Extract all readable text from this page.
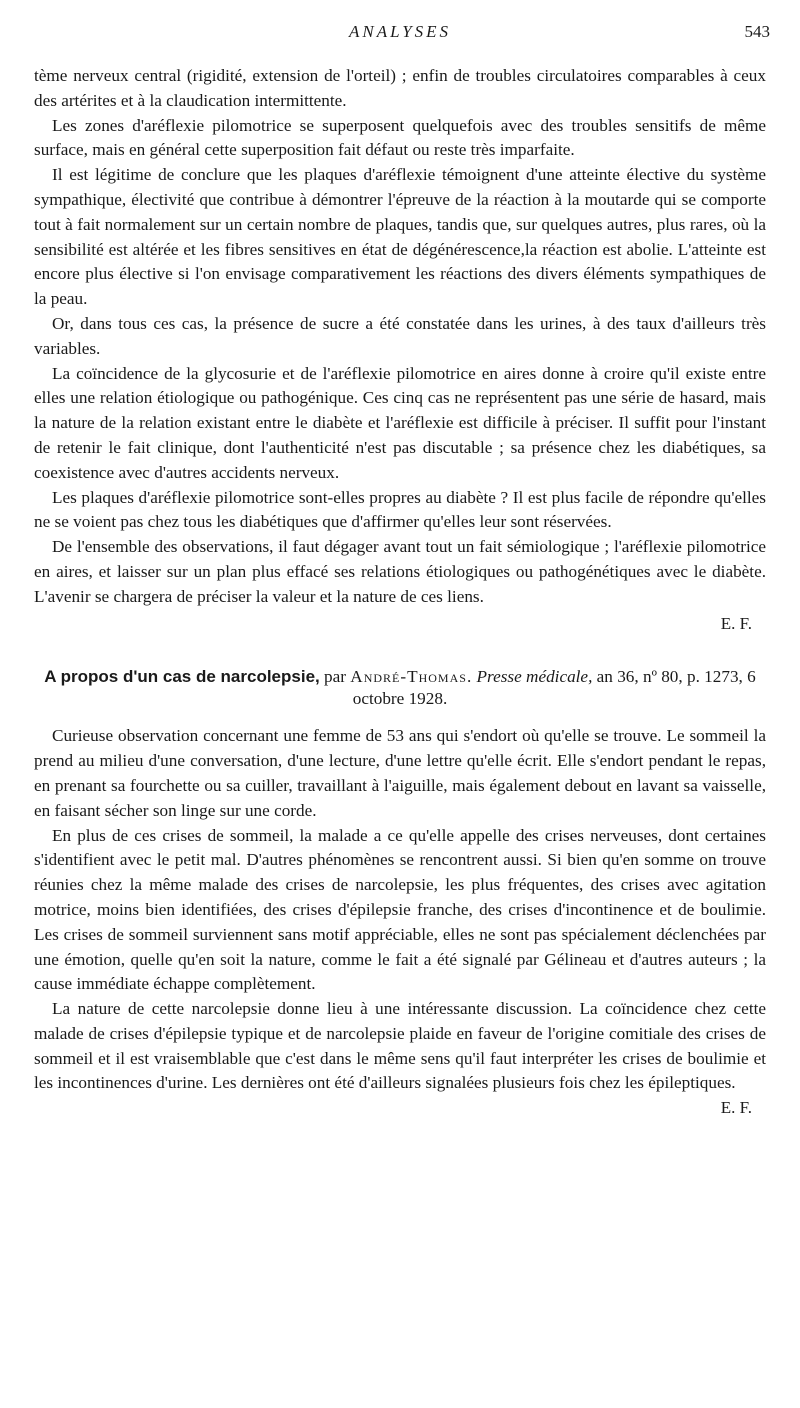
ANALYSES	543

tème nerveux central (rigidité, extension de l'orteil) ; enfin de troubles circulatoires comparables à ceux des artérites et à la claudication intermittente.

Les zones d'aréflexie pilomotrice se superposent quelquefois avec des troubles sensitifs de même surface, mais en général cette superposition fait défaut ou reste très imparfaite.

Il est légitime de conclure que les plaques d'aréflexie témoignent d'une atteinte élective du système sympathique, électivité que contribue à démontrer l'épreuve de la réaction à la moutarde qui se comporte tout à fait normalement sur un certain nombre de plaques, tandis que, sur quelques autres, plus rares, où la sensibilité est altérée et les fibres sensitives en état de dégénérescence,la réaction est abolie. L'atteinte est encore plus élective si l'on envisage comparativement les réactions des divers éléments sympathiques de la peau.

Or, dans tous ces cas, la présence de sucre a été constatée dans les urines, à des taux d'ailleurs très variables.

La coïncidence de la glycosurie et de l'aréflexie pilomotrice en aires donne à croire qu'il existe entre elles une relation étiologique ou pathogénique. Ces cinq cas ne représentent pas une série de hasard, mais la nature de la relation existant entre le diabète et l'aréflexie est difficile à préciser. Il suffit pour l'instant de retenir le fait clinique, dont l'authenticité n'est pas discutable ; sa présence chez les diabétiques, sa coexistence avec d'autres accidents nerveux.

Les plaques d'aréflexie pilomotrice sont-elles propres au diabète ? Il est plus facile de répondre qu'elles ne se voient pas chez tous les diabétiques que d'affirmer qu'elles leur sont réservées.

De l'ensemble des observations, il faut dégager avant tout un fait sémiologique ; l'aréflexie pilomotrice en aires, et laisser sur un plan plus effacé ses relations étiologiques ou pathogénétiques avec le diabète. L'avenir se chargera de préciser la valeur et la nature de ces liens.

E. F.
A propos d'un cas de narcolepsie, par André-Thomas. Presse médicale, an 36, nº 80, p. 1273, 6 octobre 1928.

Curieuse observation concernant une femme de 53 ans qui s'endort où qu'elle se trouve. Le sommeil la prend au milieu d'une conversation, d'une lecture, d'une lettre qu'elle écrit. Elle s'endort pendant le repas, en prenant sa fourchette ou sa cuiller, travaillant à l'aiguille, mais également debout en lavant sa vaisselle, en faisant sécher son linge sur une corde.

En plus de ces crises de sommeil, la malade a ce qu'elle appelle des crises nerveuses, dont certaines s'identifient avec le petit mal. D'autres phénomènes se rencontrent aussi. Si bien qu'en somme on trouve réunies chez la même malade des crises de narcolepsie, les plus fréquentes, des crises avec agitation motrice, moins bien identifiées, des crises d'épilepsie franche, des crises d'incontinence et de boulimie. Les crises de sommeil surviennent sans motif appréciable, elles ne sont pas spécialement déclenchées par une émotion, quelle qu'en soit la nature, comme le fait a été signalé par Gélineau et d'autres auteurs ; la cause immédiate échappe complètement.

La nature de cette narcolepsie donne lieu à une intéressante discussion. La coïncidence chez cette malade de crises d'épilepsie typique et de narcolepsie plaide en faveur de l'origine comitiale des crises de sommeil et il est vraisemblable que c'est dans le même sens qu'il faut interpréter les crises de boulimie et les incontinences d'urine. Les dernières ont été d'ailleurs signalées plusieurs fois chez les épileptiques.

E. F.
